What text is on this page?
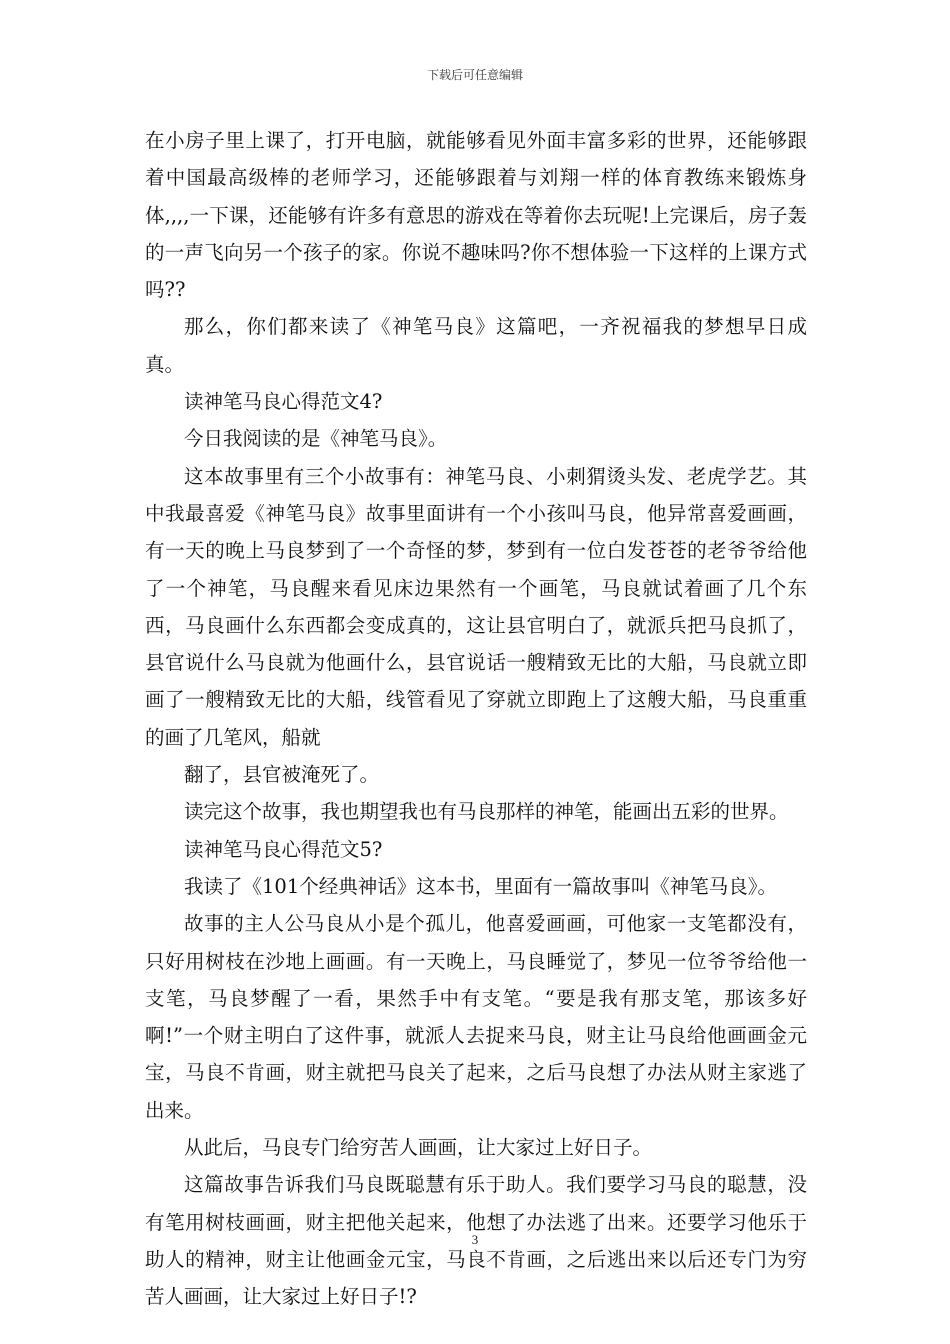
下载后可任意编辑

在小房子里上课了，打开电脑，就能够看见外面丰富多彩的世界，还能够跟着中国最高级棒的老师学习，还能够跟着与刘翔一样的体育教练来锻炼身体,,,,一下课，还能够有许多有意思的游戏在等着你去玩呢!上完课后，房子轰的一声飞向另一个孩子的家。你说不趣味吗?你不想体验一下这样的上课方式吗??

那么，你们都来读了《神笔马良》这篇吧，一齐祝福我的梦想早日成真。

读神笔马良心得范文4?

今日我阅读的是《神笔马良》。

这本故事里有三个小故事有：神笔马良、小刺猬烫头发、老虎学艺。其中我最喜爱《神笔马良》故事里面讲有一个小孩叫马良，他异常喜爱画画，有一天的晚上马良梦到了一个奇怪的梦，梦到有一位白发苍苍的老爷爷给他了一个神笔，马良醒来看见床边果然有一个画笔，马良就试着画了几个东西，马良画什么东西都会变成真的，这让县官明白了，就派兵把马良抓了，县官说什么马良就为他画什么，县官说话一艘精致无比的大船，马良就立即画了一艘精致无比的大船，线管看见了穿就立即跑上了这艘大船，马良重重的画了几笔风，船就

翻了，县官被淹死了。

读完这个故事，我也期望我也有马良那样的神笔，能画出五彩的世界。

读神笔马良心得范文5?

我读了《101个经典神话》这本书，里面有一篇故事叫《神笔马良》。

故事的主人公马良从小是个孤儿，他喜爱画画，可他家一支笔都没有，只好用树枝在沙地上画画。有一天晚上，马良睡觉了，梦见一位爷爷给他一支笔，马良梦醒了一看，果然手中有支笔。“要是我有那支笔，那该多好啊!”一个财主明白了这件事，就派人去捉来马良，财主让马良给他画画金元宝，马良不肯画，财主就把马良关了起来，之后马良想了办法从财主家逃了出来。

从此后，马良专门给穷苦人画画，让大家过上好日子。

这篇故事告诉我们马良既聪慧有乐于助人。我们要学习马良的聪慧，没有笔用树枝画画，财主把他关起来，他想了办法逃了出来。还要学习他乐于助人的精神，财主让他画金元宝，马良不肯画，之后逃出来以后还专门为穷苦人画画，让大家过上好日子!?

3
